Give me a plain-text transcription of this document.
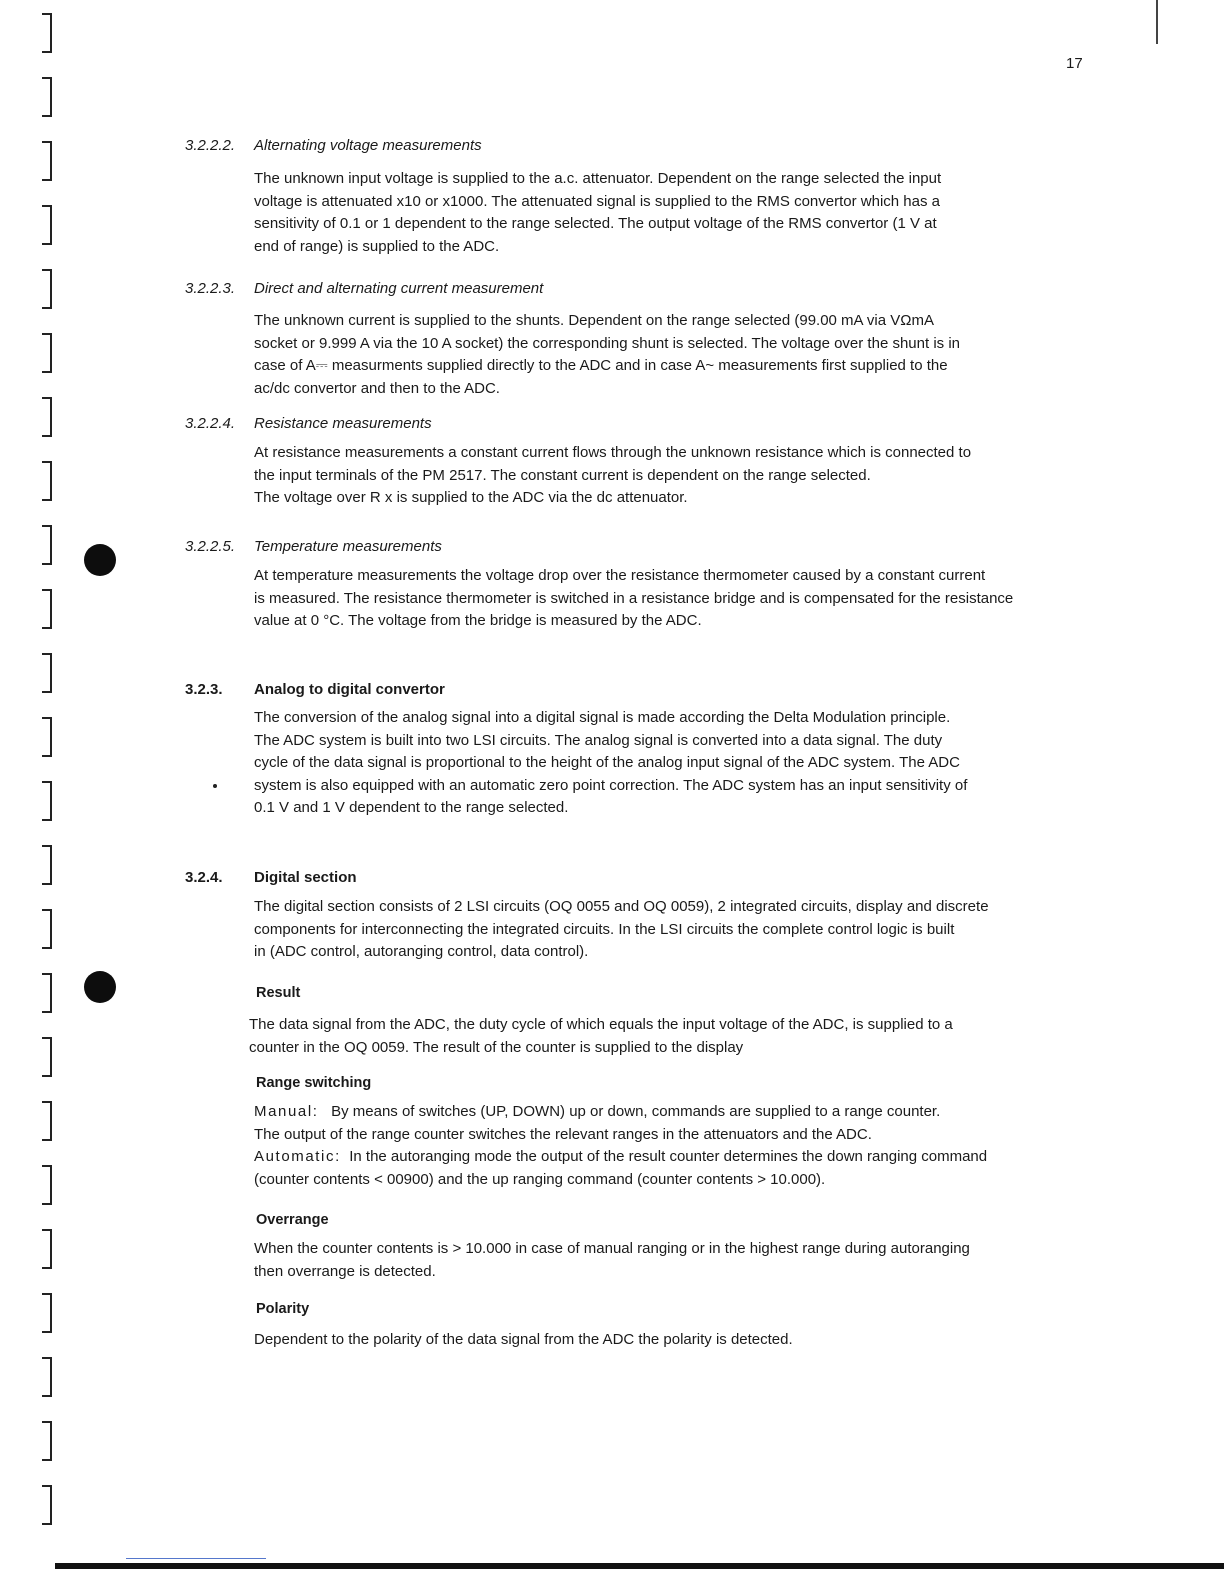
17
3.2.2.2. Alternating voltage measurements

The unknown input voltage is supplied to the a.c. attenuator. Dependent on the range selected the input
voltage is attenuated x10 or x1000. The attenuated signal is supplied to the RMS convertor which has a
sensitivity of 0.1 or 1 dependent to the range selected. The output voltage of the RMS convertor (1 V at
end of range) is supplied to the ADC.

3.2.2.3. Direct and alternating current measurement

The unknown current is supplied to the shunts. Dependent on the range selected (99.00 mA via VΩmA
socket or 9.999 A via the 10 A socket) the corresponding shunt is selected. The voltage over the shunt is in
case of A⎓ measurments supplied directly to the ADC and in case A~ measurements first supplied to the
ac/dc convertor and then to the ADC.

3.2.2.4. Resistance measurements

At resistance measurements a constant current flows through the unknown resistance which is connected to
the input terminals of the PM 2517. The constant current is dependent on the range selected.
The voltage over R x is supplied to the ADC via the dc attenuator.

3.2.2.5. Temperature measurements

At temperature measurements the voltage drop over the resistance thermometer caused by a constant current
is measured. The resistance thermometer is switched in a resistance bridge and is compensated for the resistance
value at 0 °C. The voltage from the bridge is measured by the ADC.

3.2.3. Analog to digital convertor

The conversion of the analog signal into a digital signal is made according the Delta Modulation principle.
The ADC system is built into two LSI circuits. The analog signal is converted into a data signal. The duty
cycle of the data signal is proportional to the height of the analog input signal of the ADC system. The ADC
system is also equipped with an automatic zero point correction. The ADC system has an input sensitivity of
0.1 V and 1 V dependent to the range selected.

3.2.4. Digital section

The digital section consists of 2 LSI circuits (OQ 0055 and OQ 0059), 2 integrated circuits, display and discrete
components for interconnecting the integrated circuits. In the LSI circuits the complete control logic is built
in (ADC control, autoranging control, data control).

Result

The data signal from the ADC, the duty cycle of which equals the input voltage of the ADC, is supplied to a
counter in the OQ 0059. The result of the counter is supplied to the display

Range switching

Manual: By means of switches (UP, DOWN) up or down, commands are supplied to a range counter.
The output of the range counter switches the relevant ranges in the attenuators and the ADC.
Automatic: In the autoranging mode the output of the result counter determines the down ranging command
(counter contents < 00900) and the up ranging command (counter contents > 10.000).

Overrange

When the counter contents is > 10.000 in case of manual ranging or in the highest range during autoranging
then overrange is detected.

Polarity

Dependent to the polarity of the data signal from the ADC the polarity is detected.
